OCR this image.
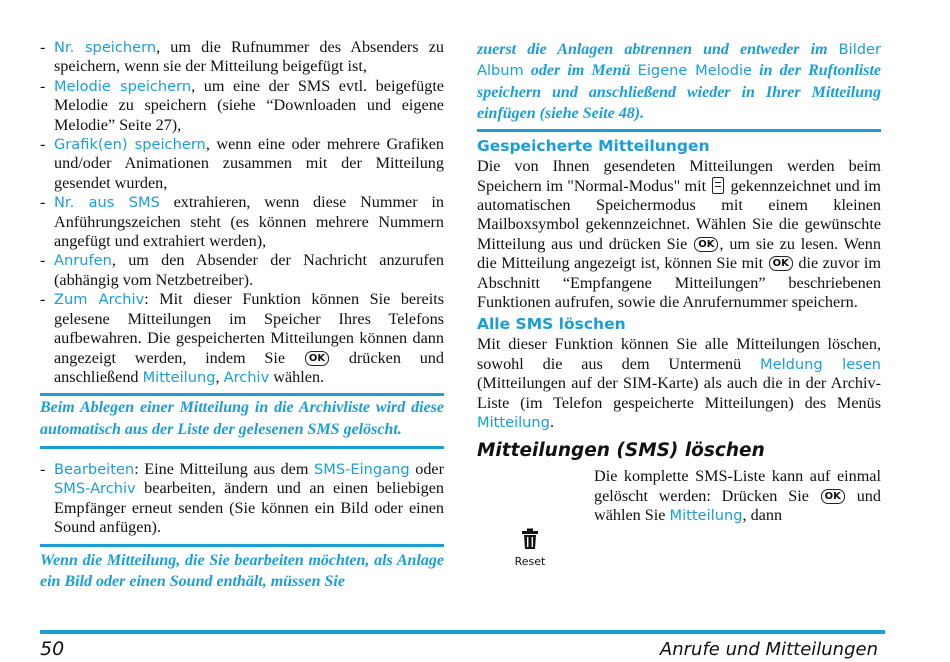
- Nr. speichern, um die Rufnummer des Absenders zu speichern, wenn sie der Mitteilung beigefügt ist,
- Melodie speichern, um eine der SMS evtl. beigefügte Melodie zu speichern (siehe “Downloaden und eigene Melodie” Seite 27),
- Grafik(en) speichern, wenn eine oder mehrere Grafiken und/oder Animationen zusammen mit der Mitteilung gesendet wurden,
- Nr. aus SMS extrahieren, wenn diese Nummer in Anführungszeichen steht (es können mehrere Nummern angefügt und extrahiert werden),
- Anrufen, um den Absender der Nachricht anzurufen (abhängig vom Netzbetreiber).
- Zum Archiv: Mit dieser Funktion können Sie bereits gelesene Mitteilungen im Speicher Ihres Telefons aufbewahren. Die gespeicherten Mitteilungen können dann angezeigt werden, indem Sie OK drücken und anschließend Mitteilung, Archiv wählen.

Beim Ablegen einer Mitteilung in die Archivliste wird diese automatisch aus der Liste der gelesenen SMS gelöscht.

- Bearbeiten: Eine Mitteilung aus dem SMS-Eingang oder SMS-Archiv bearbeiten, ändern und an einen beliebigen Empfänger erneut senden (Sie können ein Bild oder einen Sound anfügen).

Wenn die Mitteilung, die Sie bearbeiten möchten, als Anlage ein Bild oder einen Sound enthält, müssen Sie

zuerst die Anlagen abtrennen und entweder im Bilder Album oder im Menü Eigene Melodie in der Ruftonliste speichern und anschließend wieder in Ihrer Mitteilung einfügen (siehe Seite 48).

Gespeicherte Mitteilungen

Die von Ihnen gesendeten Mitteilungen werden beim Speichern im "Normal-Modus" mit  gekennzeichnet und im automatischen Speichermodus mit einem kleinen Mailboxsymbol gekennzeichnet. Wählen Sie die gewünschte Mitteilung aus und drücken Sie OK , um sie zu lesen. Wenn die Mitteilung angezeigt ist, können Sie mit OK die zuvor im Abschnitt “Empfangene Mitteilungen” beschriebenen Funktionen aufrufen, sowie die Anrufernummer speichern.

Alle SMS löschen

Mit dieser Funktion können Sie alle Mitteilungen löschen, sowohl die aus dem Untermenü Meldung lesen (Mitteilungen auf der SIM-Karte) als auch die in der Archiv-Liste (im Telefon gespeicherte Mitteilungen) des Menüs Mitteilung.

Mitteilungen (SMS) löschen

Die komplette SMS-Liste kann auf einmal gelöscht werden: Drücken Sie OK und wählen Sie Mitteilung, dann

Reset
50	Anrufe und Mitteilungen
